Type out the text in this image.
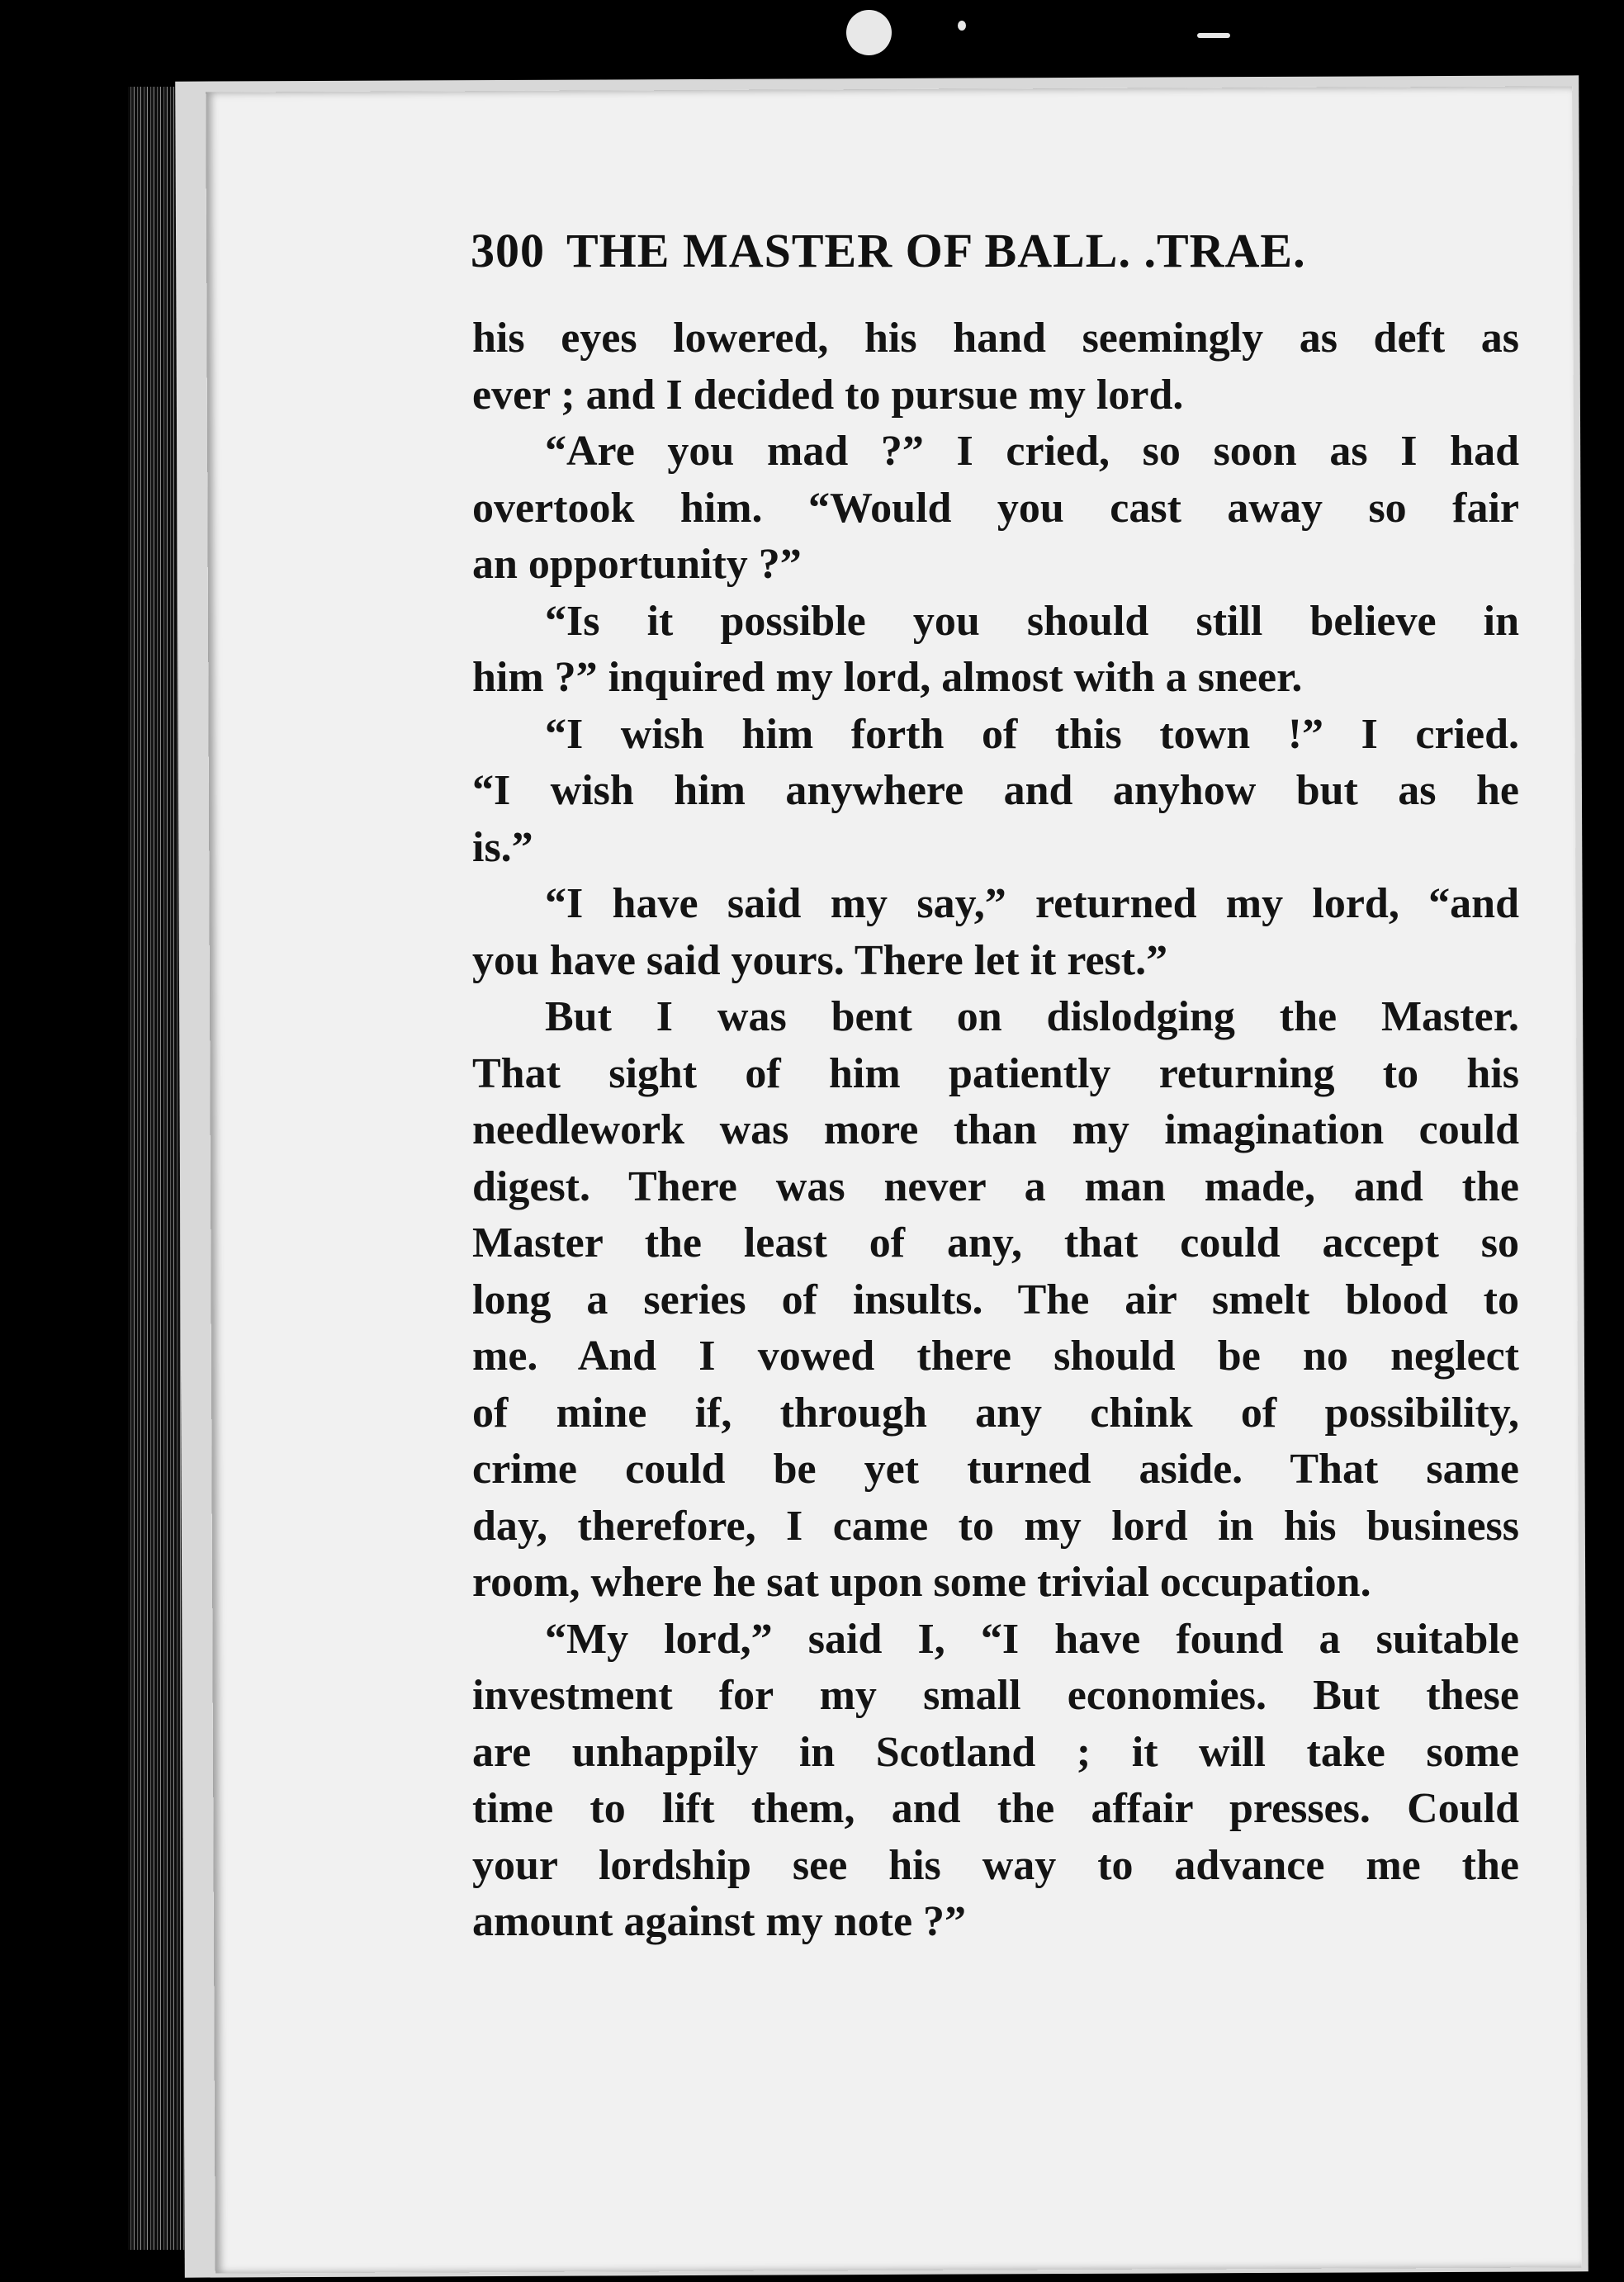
300 THE MASTER OF BALL. .TRAE.
his eyes lowered, his hand seemingly as deft as
ever ; and I decided to pursue my lord.
“Are you mad ?” I cried, so soon as I had
overtook him. “Would you cast away so fair
an opportunity ?”
“Is it possible you should still believe in
him ?” inquired my lord, almost with a sneer.
“I wish him forth of this town !” I cried.
“I wish him anywhere and anyhow but as he
is.”
“I have said my say,” returned my lord, “and
you have said yours. There let it rest.”
But I was bent on dislodging the Master.
That sight of him patiently returning to his
needlework was more than my imagination could
digest. There was never a man made, and the
Master the least of any, that could accept so
long a series of insults. The air smelt blood to
me. And I vowed there should be no neglect
of mine if, through any chink of possibility,
crime could be yet turned aside. That same
day, therefore, I came to my lord in his business
room, where he sat upon some trivial occupation.
“My lord,” said I, “I have found a suitable
investment for my small economies. But these
are unhappily in Scotland ; it will take some
time to lift them, and the affair presses. Could
your lordship see his way to advance me the
amount against my note ?”
